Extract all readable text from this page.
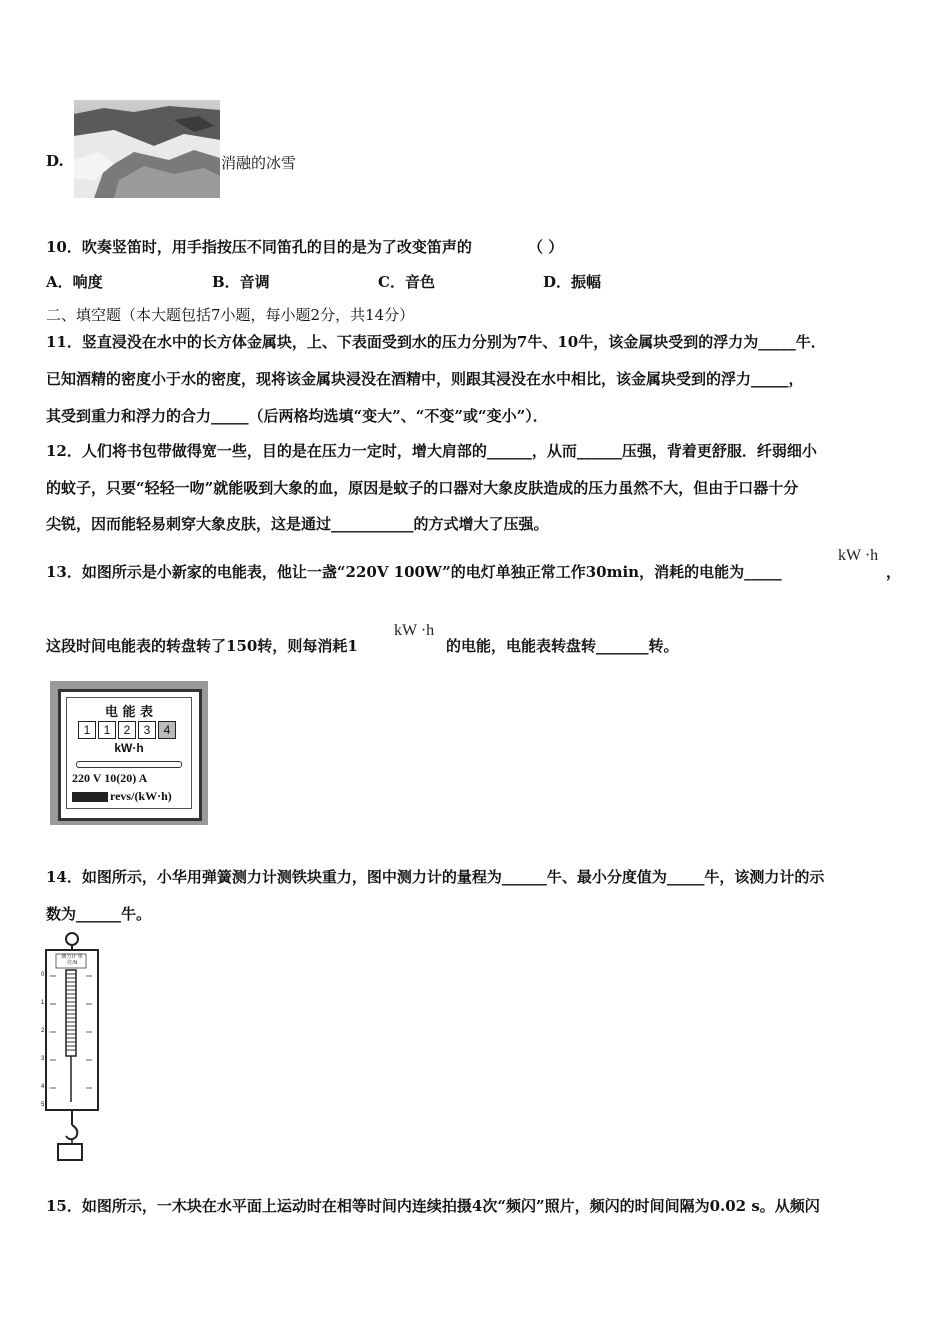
D.	消融的冰雪
10．吹奏竖笛时，用手指按压不同笛孔的目的是为了改变笛声的	（ ）
A．响度	B．音调	C．音色	D．振幅
二、填空题（本大题包括7小题，每小题2分，共14分）
11．竖直浸没在水中的长方体金属块，上、下表面受到水的压力分别为7牛、10牛，该金属块受到的浮力为_____牛．
已知酒精的密度小于水的密度，现将该金属块浸没在酒精中，则跟其浸没在水中相比，该金属块受到的浮力_____，
其受到重力和浮力的合力_____（后两格均选填“变大”、“不变”或“变小”）．
12．人们将书包带做得宽一些，目的是在压力一定时，增大肩部的______，从而______压强，背着更舒服．纤弱细小
的蚊子，只要“轻轻一吻”就能吸到大象的血，原因是蚊子的口器对大象皮肤造成的压力虽然不大，但由于口器十分
尖锐，因而能轻易刺穿大象皮肤，这是通过___________的方式增大了压强。
13．如图所示是小新家的电能表，他让一盏“220V 100W”的电灯单独正常工作30min，消耗的电能为_____
kW ·h
，
这段时间电能表的转盘转了150转，则每消耗1
kW ·h
的电能，电能表转盘转_______转。
电 能 表
1	1	2	3	4
kW·h
220 V 10(20) A
revs/(kW·h)
14．如图所示，小华用弹簧测力计测铁块重力，图中测力计的量程为______牛、最小分度值为_____牛，该测力计的示
数为______牛。
测力计 单位:N
0
1
2
3
4
5
15．如图所示，一木块在水平面上运动时在相等时间内连续拍摄4次“频闪”照片，频闪的时间间隔为0.02 s。从频闪
